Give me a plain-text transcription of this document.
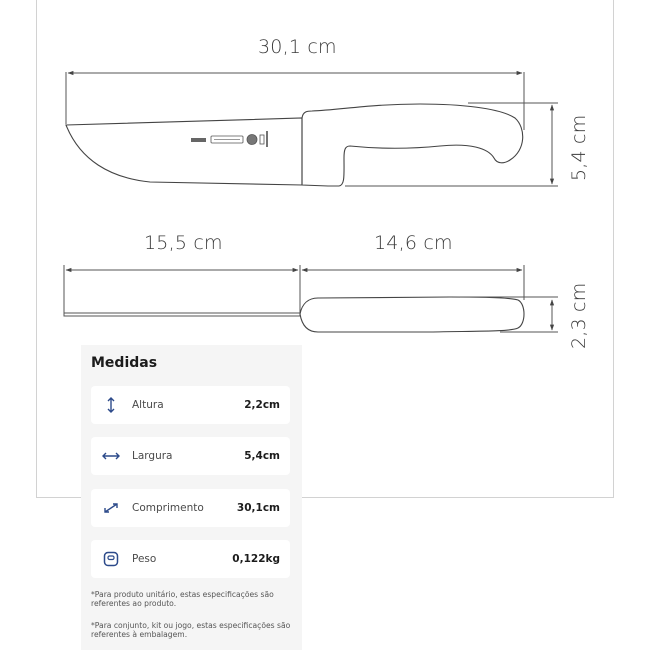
30,1 cm
5,4 cm
15,5 cm	14,6 cm
2,3 cm
Medidas
Altura	2,2cm
Largura	5,4cm
Comprimento	30,1cm
Peso	0,122kg
*Para produto unitário, estas especificações são referentes ao produto.
*Para conjunto, kit ou jogo, estas especificações são referentes à embalagem.
